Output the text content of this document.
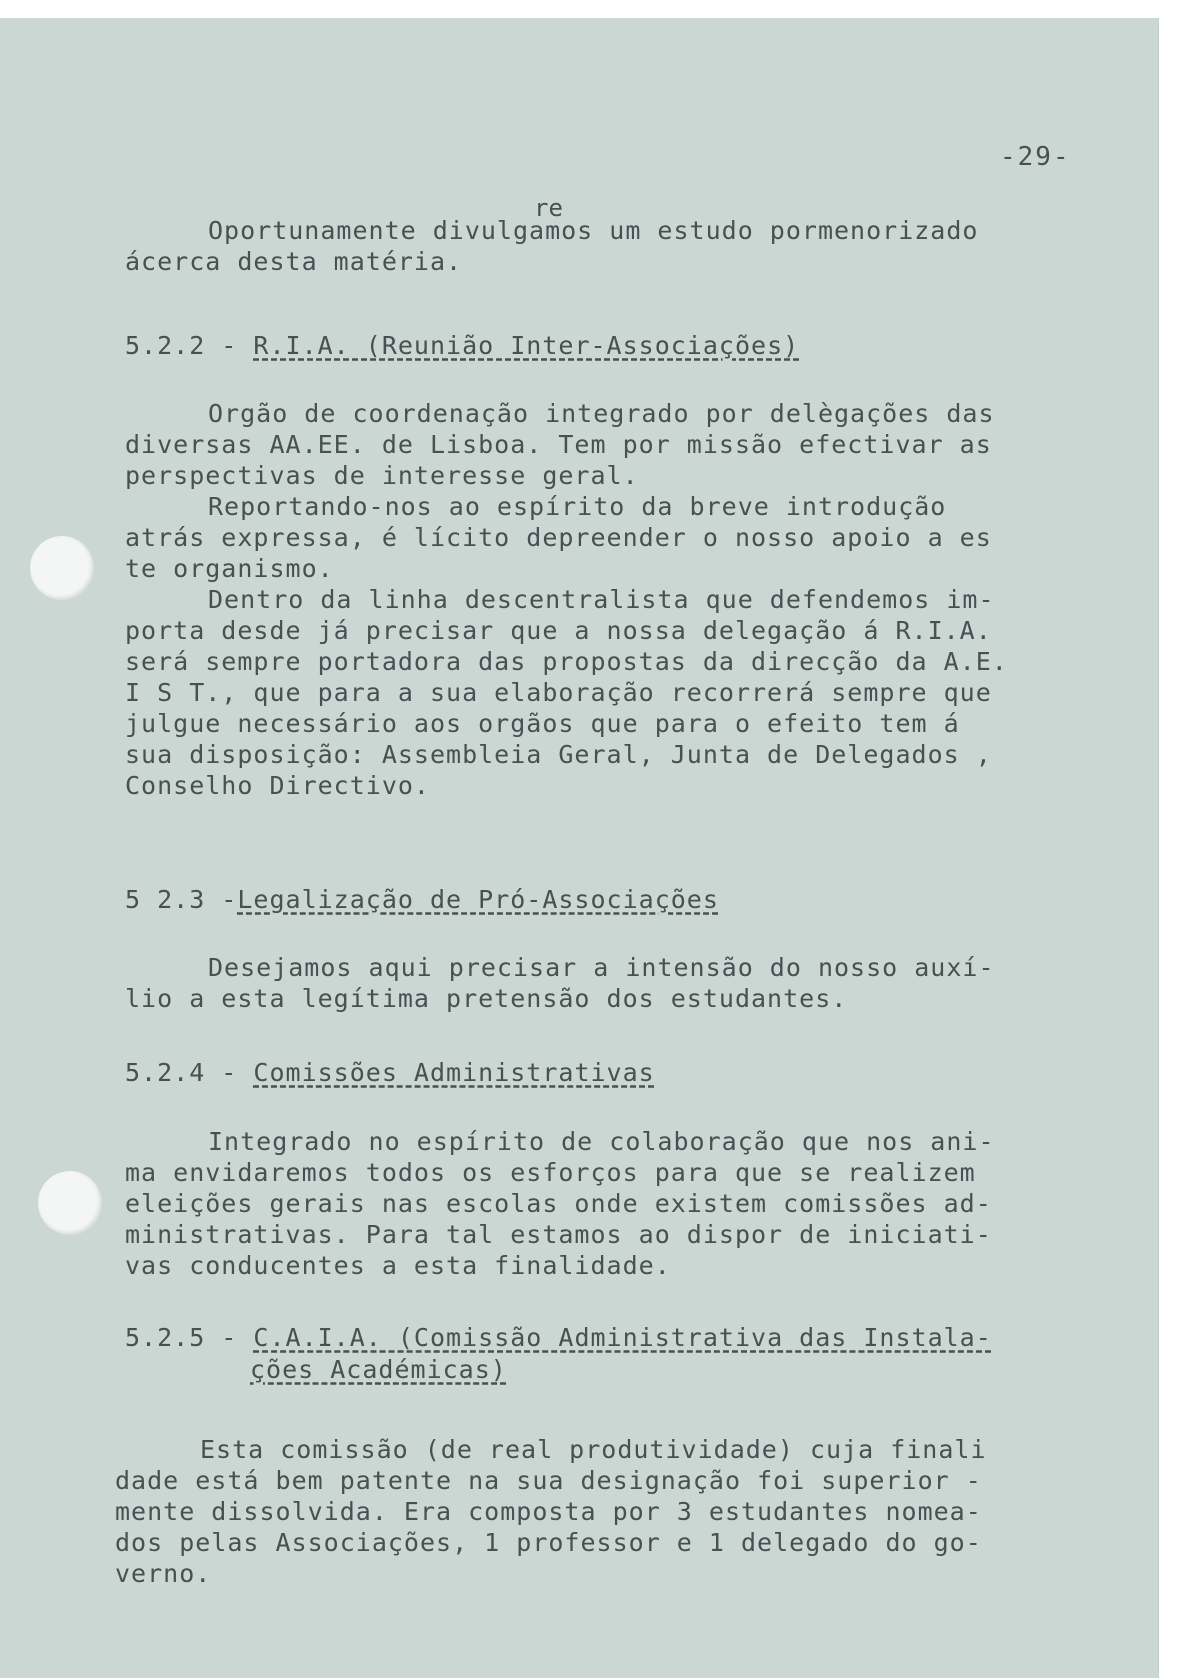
-29-
re
Oportunamente divulgamos um estudo pormenorizado
ácerca desta matéria.
5.2.2 - R.I.A. (Reunião Inter-Associações)
Orgão de coordenação integrado por delègações das
diversas AA.EE. de Lisboa. Tem por missão efectivar as
perspectivas de interesse geral.
Reportando-nos ao espírito da breve introdução
atrás expressa, é lícito depreender o nosso apoio a es
te organismo.
Dentro da linha descentralista que defendemos im-
porta desde já precisar que a nossa delegação á R.I.A.
será sempre portadora das propostas da direcção da A.E.
I S T., que para a sua elaboração recorrerá sempre que
julgue necessário aos orgãos que para o efeito tem á
sua disposição: Assembleia Geral, Junta de Delegados ,
Conselho Directivo.
5 2.3 -Legalização de Pró-Associações
Desejamos aqui precisar a intensão do nosso auxí-
lio a esta legítima pretensão dos estudantes.
5.2.4 - Comissões Administrativas
Integrado no espírito de colaboração que nos ani-
ma envidaremos todos os esforços para que se realizem
eleições gerais nas escolas onde existem comissões ad-
ministrativas. Para tal estamos ao dispor de iniciati-
vas conducentes a esta finalidade.
5.2.5 - C.A.I.A. (Comissão Administrativa das Instala-
ções Académicas)
Esta comissão (de real produtividade) cuja finali
dade está bem patente na sua designação foi superior -
mente dissolvida. Era composta por 3 estudantes nomea-
dos pelas Associações, 1 professor e 1 delegado do go-
verno.
